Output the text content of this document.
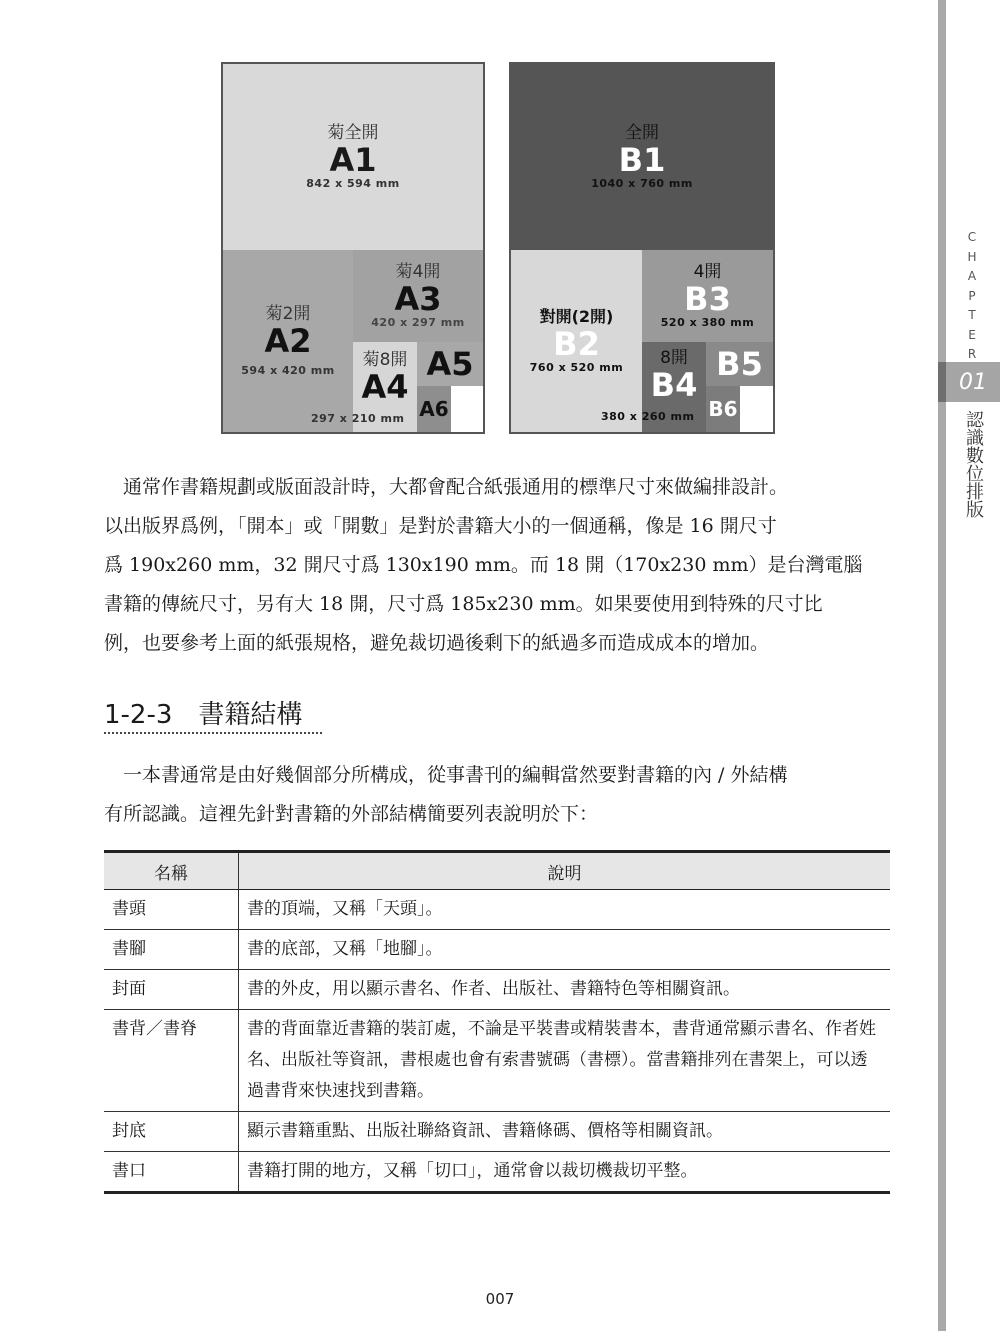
C
H
A
P
T
E
R
01
認識數位排版
菊全開
A1
842 x 594 mm
菊2開
A2
594 x 420 mm
菊4開
A3
420 x 297 mm
菊8開
A4
297 x 210 mm
A5
A6
全開
B1
1040 x 760 mm
對開(2開)
B2
760 x 520 mm
4開
B3
520 x 380 mm
8開
B4
380 x 260 mm
B5
B6

　通常作書籍規劃或版面設計時，大都會配合紙張通用的標準尺寸來做編排設計。

以出版界爲例，「開本」或「開數」是對於書籍大小的一個通稱，像是 16 開尺寸

爲 190x260 mm，32 開尺寸爲 130x190 mm。而 18 開（170x230 mm）是台灣電腦

書籍的傳統尺寸，另有大 18 開，尺寸爲 185x230 mm。如果要使用到特殊的尺寸比

例，也要參考上面的紙張規格，避免裁切過後剩下的紙過多而造成成本的增加。

1-2-3 書籍結構

　一本書通常是由好幾個部分所構成，從事書刊的編輯當然要對書籍的內 / 外結構

有所認識。這裡先針對書籍的外部結構簡要列表說明於下：

名稱	說明
書頭	書的頂端，又稱「天頭」。
書腳	書的底部，又稱「地腳」。
封面	書的外皮，用以顯示書名、作者、出版社、書籍特色等相關資訊。
書背／書脊	書的背面靠近書籍的裝訂處，不論是平裝書或精裝書本，書背通常顯示書名、作者姓名、出版社等資訊，書根處也會有索書號碼（書標）。當書籍排列在書架上，可以透過書背來快速找到書籍。
封底	顯示書籍重點、出版社聯絡資訊、書籍條碼、價格等相關資訊。
書口	書籍打開的地方，又稱「切口」，通常會以裁切機裁切平整。
007
